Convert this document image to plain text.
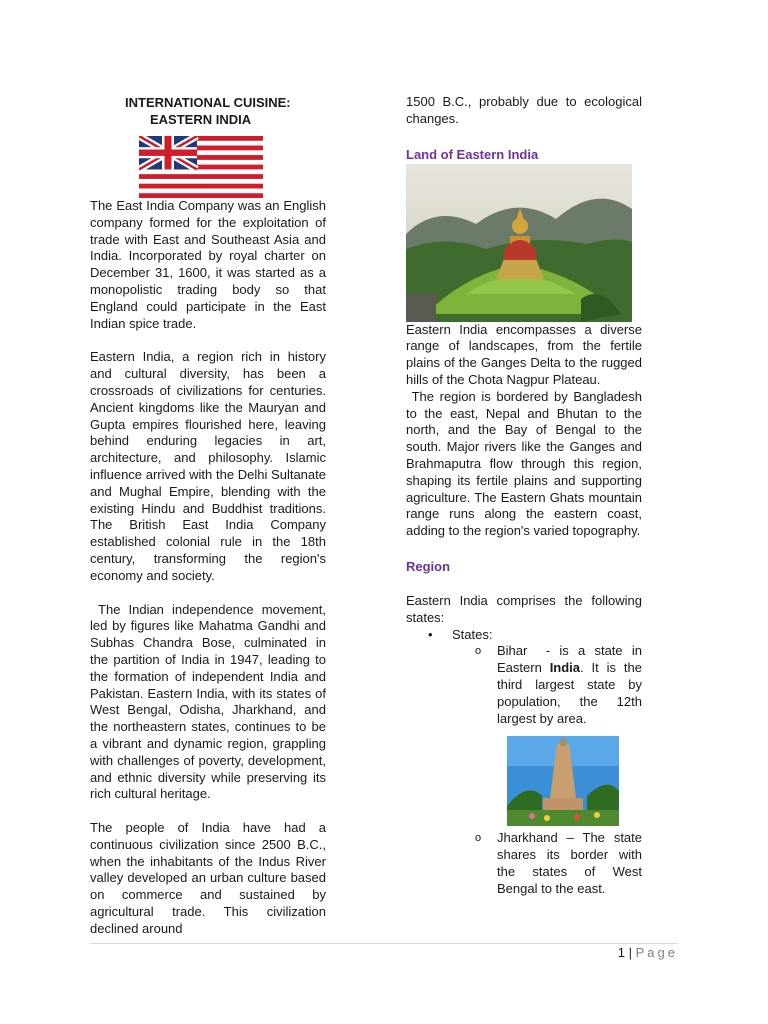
INTERNATIONAL CUISINE:
EASTERN INDIA

The East India Company was an English company formed for the exploitation of trade with East and Southeast Asia and India. Incorporated by royal charter on December 31, 1600, it was started as a monopolistic trading body so that England could participate in the East Indian spice trade.

Eastern India, a region rich in history and cultural diversity, has been a crossroads of civilizations for centuries. Ancient kingdoms like the Mauryan and Gupta empires flourished here, leaving behind enduring legacies in art, architecture, and philosophy. Islamic influence arrived with the Delhi Sultanate and Mughal Empire, blending with the existing Hindu and Buddhist traditions. The British East India Company established colonial rule in the 18th century, transforming the region's economy and society.

The Indian independence movement, led by figures like Mahatma Gandhi and Subhas Chandra Bose, culminated in the partition of India in 1947, leading to the formation of independent India and Pakistan. Eastern India, with its states of West Bengal, Odisha, Jharkhand, and the northeastern states, continues to be a vibrant and dynamic region, grappling with challenges of poverty, development, and ethnic diversity while preserving its rich cultural heritage.

The people of India have had a continuous civilization since 2500 B.C., when the inhabitants of the Indus River valley developed an urban culture based on commerce and sustained by agricultural trade. This civilization declined around

1500 B.C., probably due to ecological changes.

Land of Eastern India

Eastern India encompasses a diverse range of landscapes, from the fertile plains of the Ganges Delta to the rugged hills of the Chota Nagpur Plateau.

The region is bordered by Bangladesh to the east, Nepal and Bhutan to the north, and the Bay of Bengal to the south. Major rivers like the Ganges and Brahmaputra flow through this region, shaping its fertile plains and supporting agriculture. The Eastern Ghats mountain range runs along the eastern coast, adding to the region's varied topography.

Region

Eastern India comprises the following states:

• States:
o Bihar  - is a state in Eastern India. It is the third largest state by population, the 12th largest by area.

o Jharkhand – The state shares its border with the states of West Bengal to the east.

1 | Page
